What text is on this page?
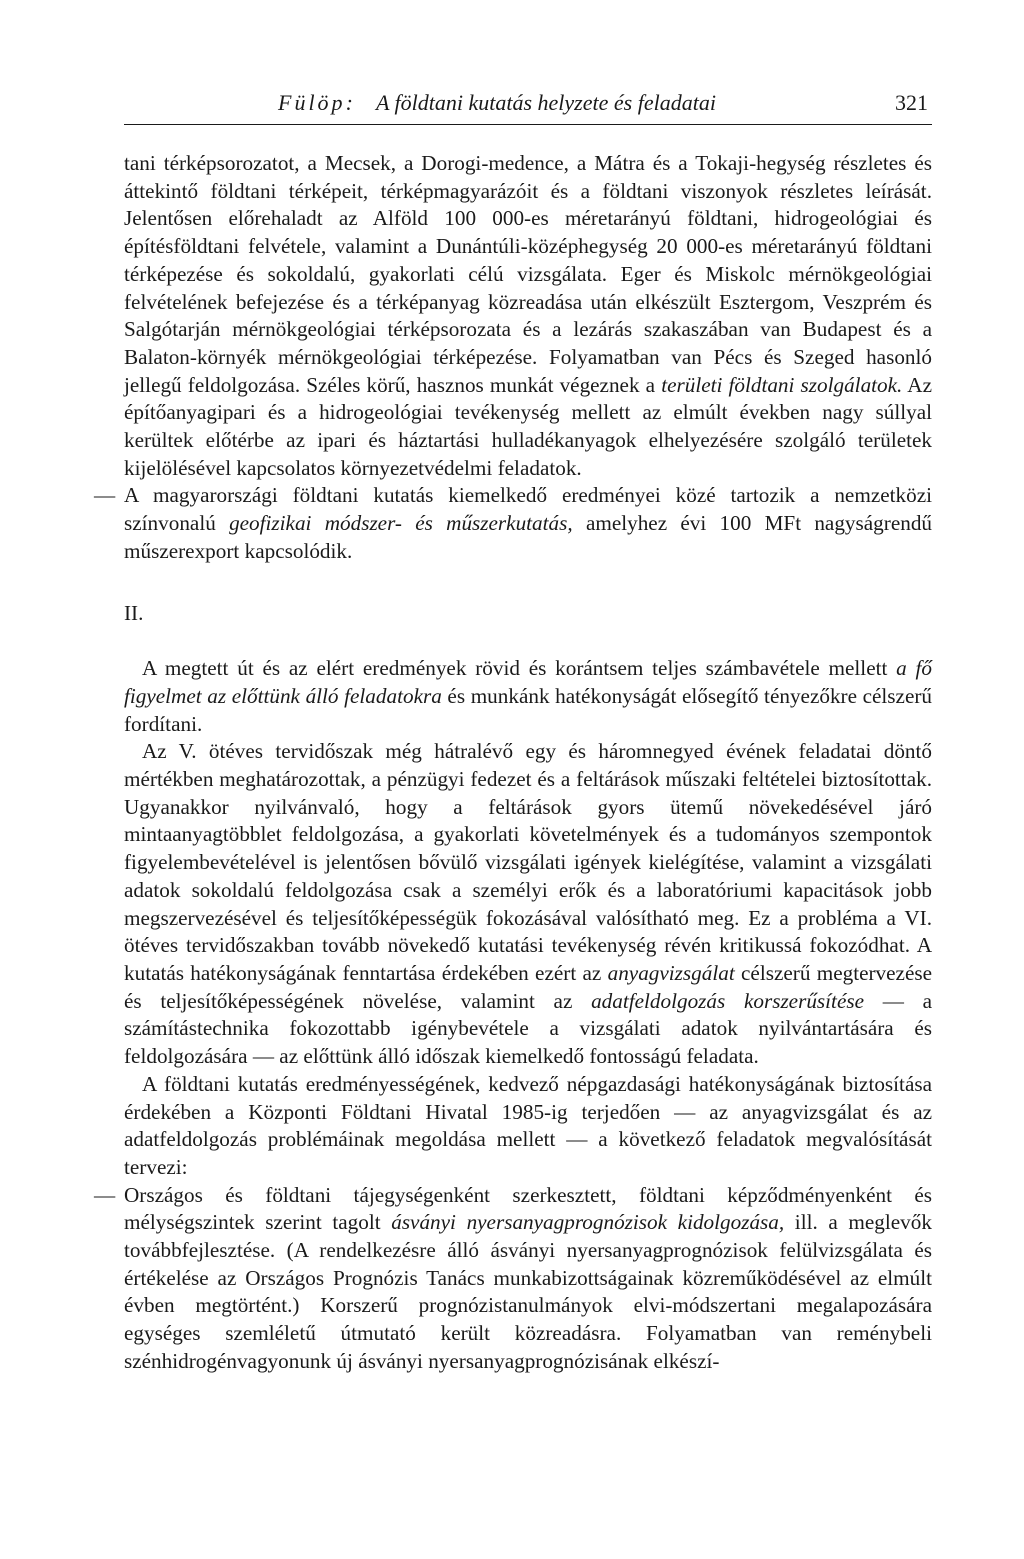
Fülöp: A földtani kutatás helyzete és feladatai	321

tani térképsorozatot, a Mecsek, a Dorogi-medence, a Mátra és a Tokaji-hegység részletes és áttekintő földtani térképeit, térképmagyarázóit és a földtani viszonyok részletes leírását. Jelentősen előrehaladt az Alföld 100 000-es méretarányú földtani, hidrogeológiai és építésföldtani felvétele, valamint a Dunántúli-középhegység 20 000-es méretarányú földtani térképezése és sokoldalú, gyakorlati célú vizsgálata. Eger és Miskolc mérnökgeológiai felvételének befejezése és a térképanyag közreadása után elkészült Esztergom, Veszprém és Salgótarján mérnökgeológiai térképsorozata és a lezárás szakaszában van Budapest és a Balaton-környék mérnökgeológiai térképezése. Folyamatban van Pécs és Szeged hasonló jellegű feldolgozása. Széles körű, hasznos munkát végeznek a területi földtani szolgálatok. Az építőanyagipari és a hidrogeológiai tevékenység mellett az elmúlt években nagy súllyal kerültek előtérbe az ipari és háztartási hulladékanyagok elhelyezésére szolgáló területek kijelölésével kapcsolatos környezetvédelmi feladatok.

— A magyarországi földtani kutatás kiemelkedő eredményei közé tartozik a nemzetközi színvonalú geofizikai módszer- és műszerkutatás, amelyhez évi 100 MFt nagyságrendű műszerexport kapcsolódik.

II.

A megtett út és az elért eredmények rövid és korántsem teljes számbavétele mellett a fő figyelmet az előttünk álló feladatokra és munkánk hatékonyságát elősegítő tényezőkre célszerű fordítani.

Az V. ötéves tervidőszak még hátralévő egy és háromnegyed évének feladatai döntő mértékben meghatározottak, a pénzügyi fedezet és a feltárások műszaki feltételei biztosítottak. Ugyanakkor nyilvánvaló, hogy a feltárások gyors ütemű növekedésével járó mintaanyagtöbblet feldolgozása, a gyakorlati követelmények és a tudományos szempontok figyelembevételével is jelentősen bővülő vizsgálati igények kielégítése, valamint a vizsgálati adatok sokoldalú feldolgozása csak a személyi erők és a laboratóriumi kapacitások jobb megszervezésével és teljesítőképességük fokozásával valósítható meg. Ez a probléma a VI. ötéves tervidőszakban tovább növekedő kutatási tevékenység révén kritikussá fokozódhat. A kutatás hatékonyságának fenntartása érdekében ezért az anyagvizsgálat célszerű megtervezése és teljesítőképességének növelése, valamint az adatfeldolgozás korszerűsítése — a számítástechnika fokozottabb igénybevétele a vizsgálati adatok nyilvántartására és feldolgozására — az előttünk álló időszak kiemelkedő fontosságú feladata.

A földtani kutatás eredményességének, kedvező népgazdasági hatékonyságának biztosítása érdekében a Központi Földtani Hivatal 1985-ig terjedően — az anyagvizsgálat és az adatfeldolgozás problémáinak megoldása mellett — a következő feladatok megvalósítását tervezi:

— Országos és földtani tájegységenként szerkesztett, földtani képződményenként és mélységszintek szerint tagolt ásványi nyersanyagprognózisok kidolgozása, ill. a meglevők továbbfejlesztése. (A rendelkezésre álló ásványi nyersanyagprognózisok felülvizsgálata és értékelése az Országos Prognózis Tanács munkabizottságainak közreműködésével az elmúlt évben megtörtént.) Korszerű prognózistanulmányok elvi-módszertani megalapozására egységes szemléletű útmutató került közreadásra. Folyamatban van reménybeli szénhidrogénvagyonunk új ásványi nyersanyagprognózisának elkészí-
